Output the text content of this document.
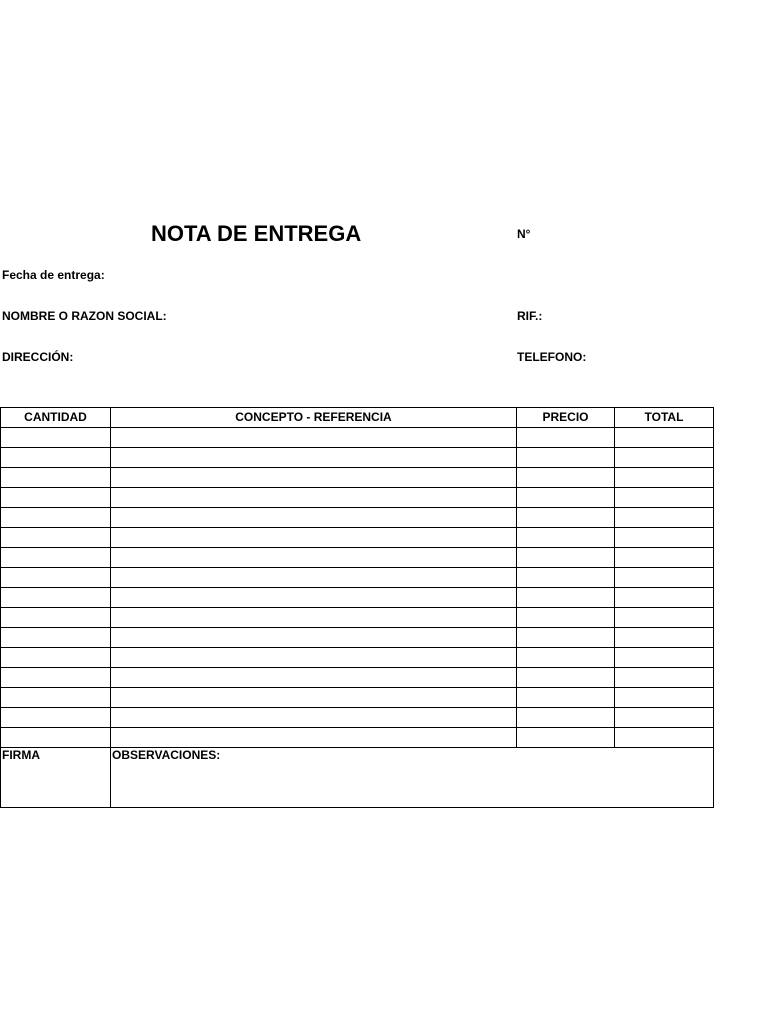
NOTA DE ENTREGA	N°
Fecha de entrega:
NOMBRE O RAZON SOCIAL:	RIF.:
DIRECCIÓN:	TELEFONO:
CANTIDAD	CONCEPTO - REFERENCIA	PRECIO	TOTAL

FIRMA	OBSERVACIONES:		
